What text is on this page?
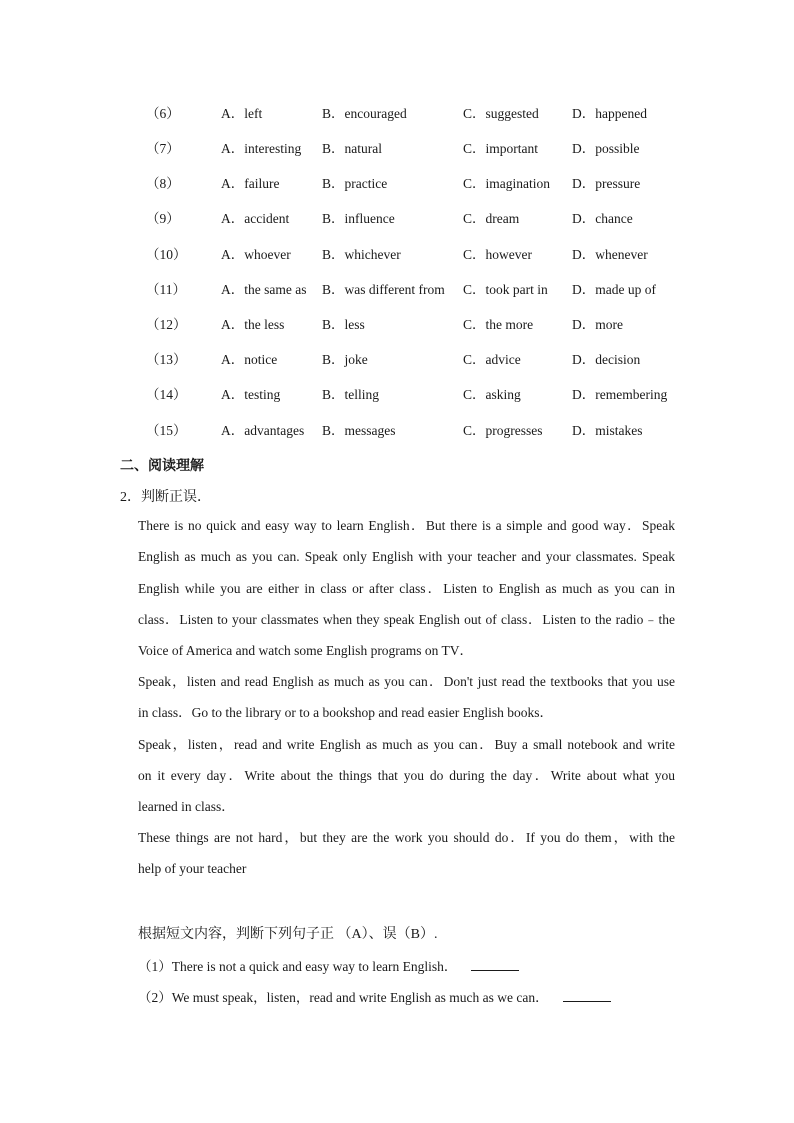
（6）	A．left	B．encouraged	C．suggested D．happened
（7）	A．interesting B．natural	C．important	D．possible
（8）	A．failure	B．practice	C．imagination D．pressure
（9）	A．accident B．influence	C．dream	D．chance
（10）	A．whoever B．whichever	C．however	D．whenever
（11）	A．the same as B．was different from C．took part in D．made up of
（12）	A．the less	B．less	C．the more	D．more
（13）	A．notice	B．joke	C．advice	D．decision
（14）	A．testing	B．telling	C．asking	D．remembering
（15）	A．advantages B．messages	C．progresses D．mistakes
二、阅读理解
2．判断正误．
There is no quick and easy way to learn English．But there is a simple and good way．Speak
English as much as you can. Speak only English with your teacher and your classmates. Speak
English while you are either in class or after class．Listen to English as much as you can in
class．Listen to your classmates when they speak English out of class．Listen to the radio﹣the
Voice of America and watch some English programs on TV．
Speak，listen and read English as much as you can．Don't just read the textbooks that you use
in class．Go to the library or to a bookshop and read easier English books．
Speak，listen，read and write English as much as you can．Buy a small notebook and write
on it every day．Write about the things that you do during the day．Write about what you
learned in class．
These things are not hard，but they are the work you should do．If you do them，with the
help of your teacher
根据短文内容，判断下列句子正 （A）、误（B）.
（1）There is not a quick and easy way to learn English．
（2）We must speak，listen，read and write English as much as we can．
